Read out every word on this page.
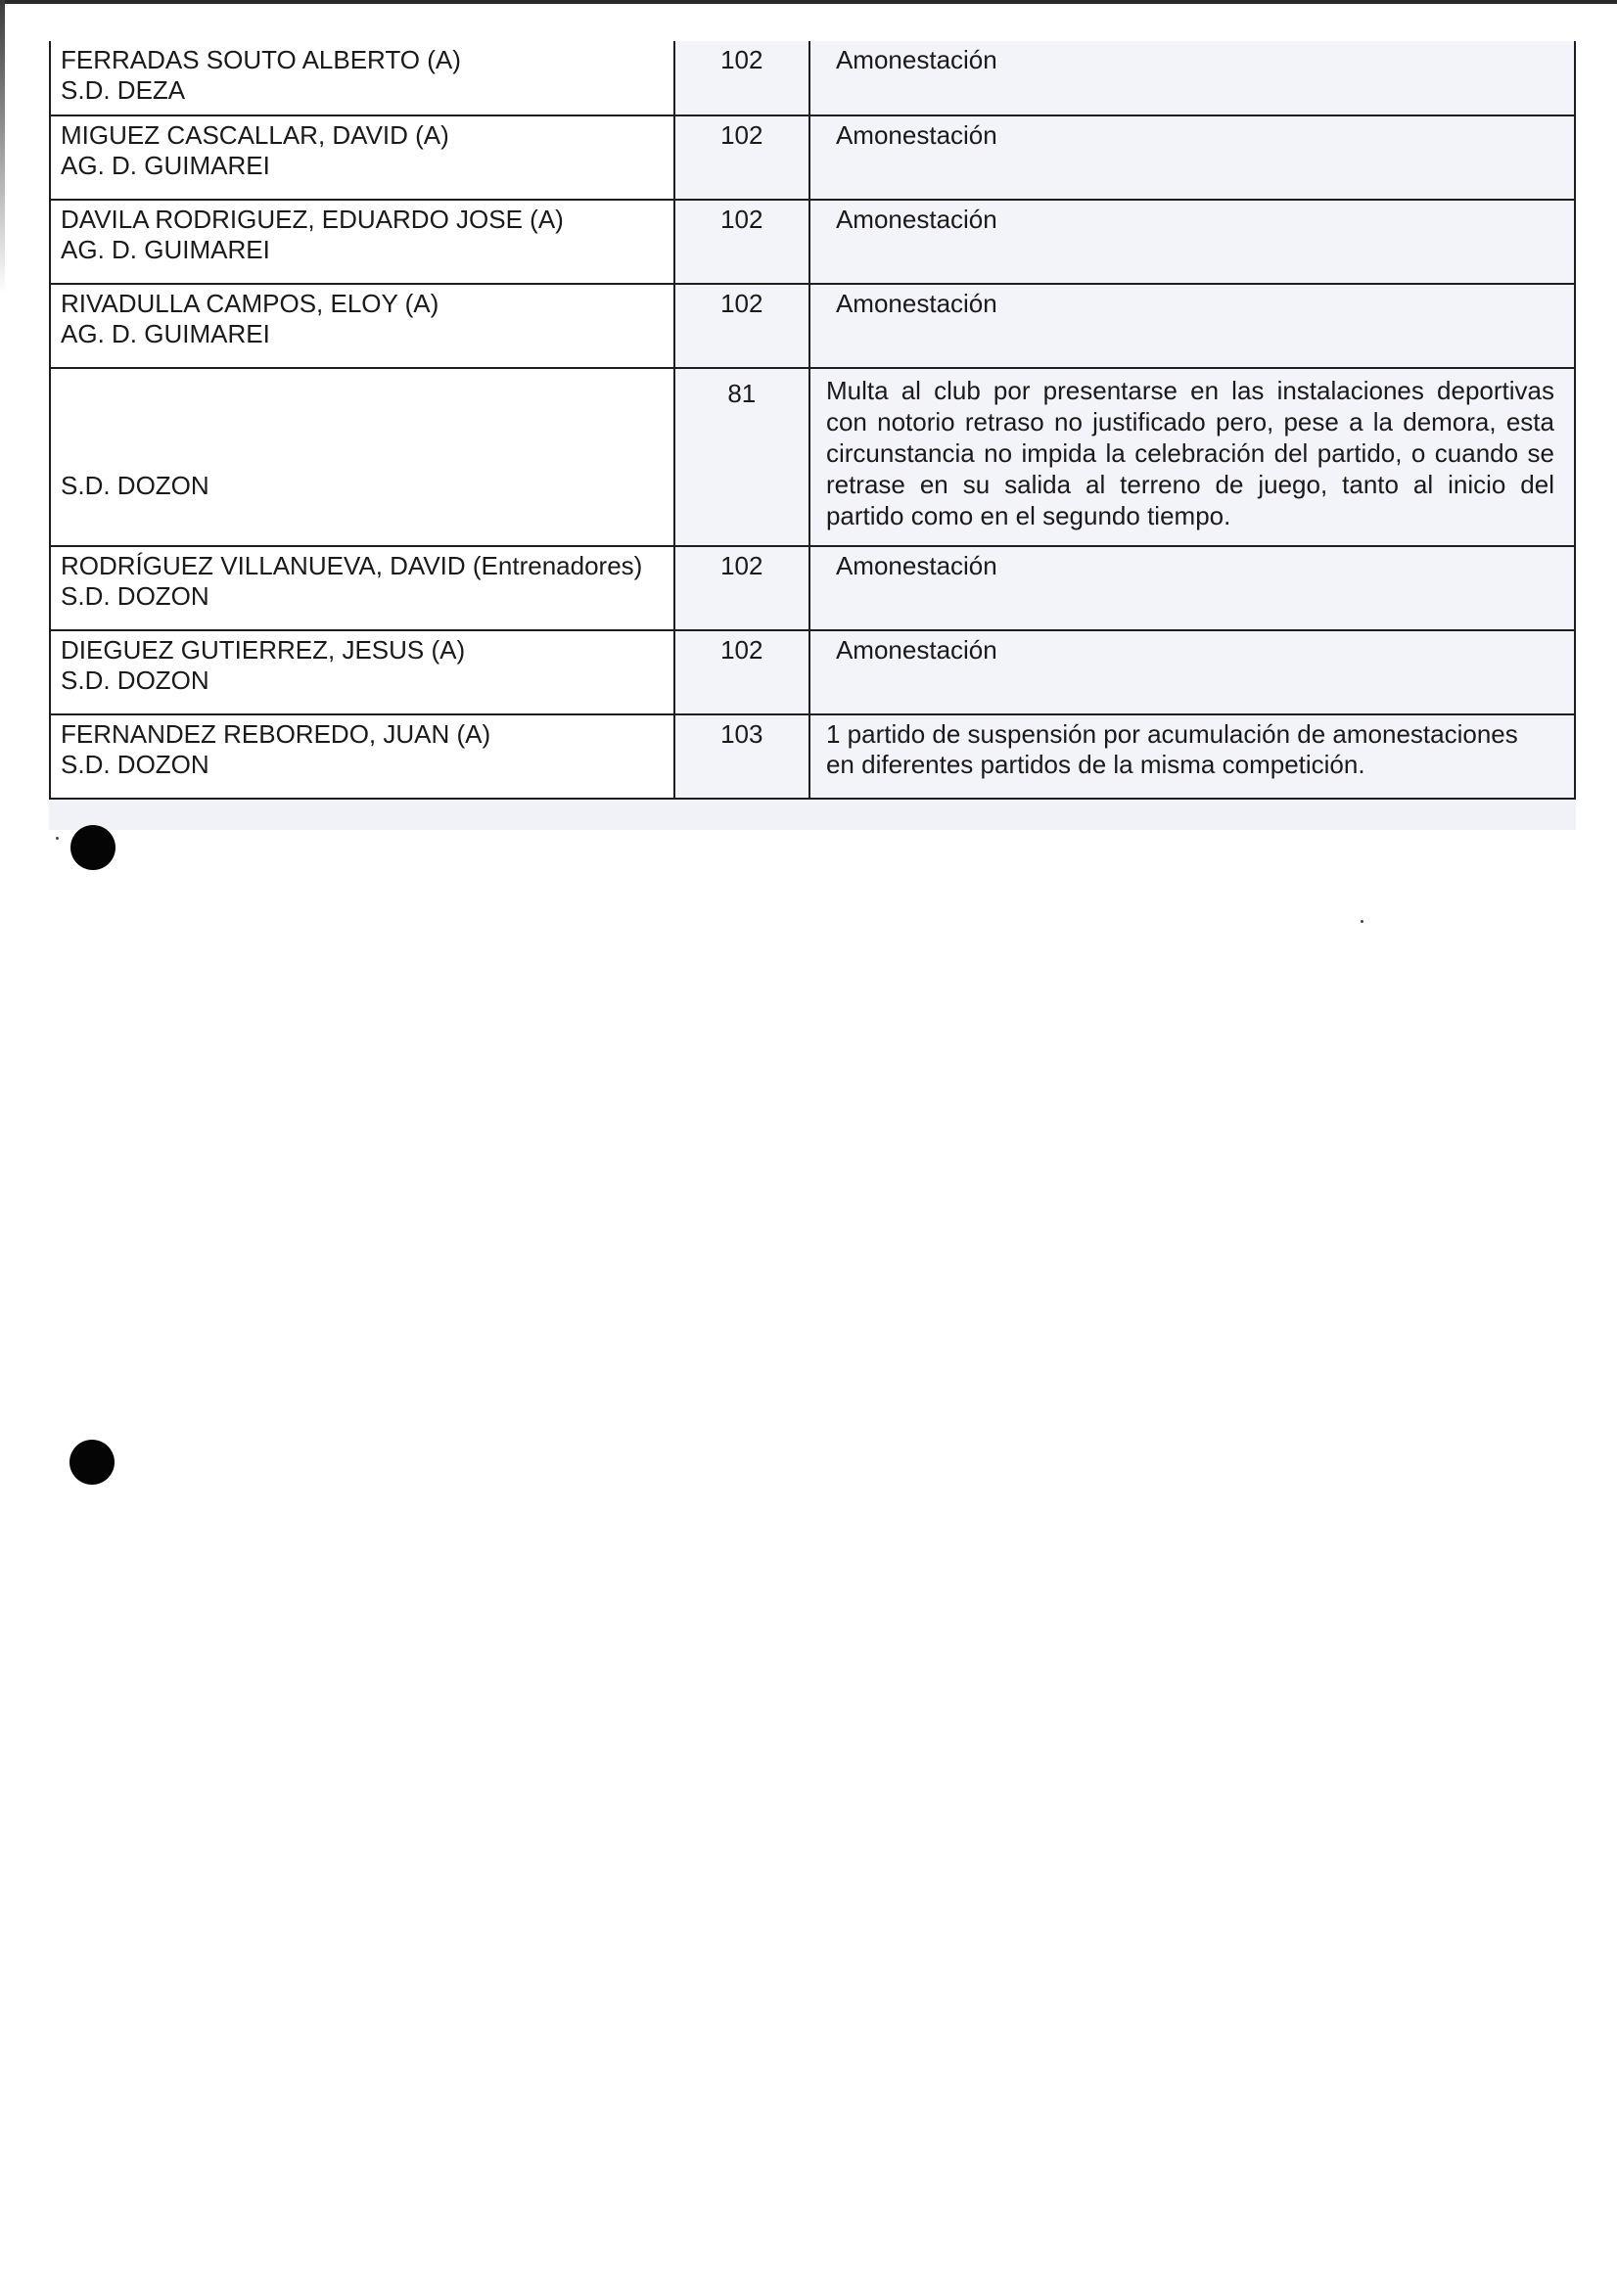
FERRADAS SOUTO ALBERTO (A)
S.D. DEZA	102	Amonestación

MIGUEZ CASCALLAR, DAVID (A)
AG. D. GUIMAREI	102	Amonestación

DAVILA RODRIGUEZ, EDUARDO JOSE (A)
AG. D. GUIMAREI	102	Amonestación

RIVADULLA CAMPOS, ELOY (A)
AG. D. GUIMAREI	102	Amonestación

S.D. DOZON	81	Multa al club por presentarse en las instalaciones deportivas con notorio retraso no justificado pero, pese a la demora, esta circunstancia no impida la celebración del partido, o cuando se retrase en su salida al terreno de juego, tanto al inicio del partido como en el segundo tiempo.

RODRÍGUEZ VILLANUEVA, DAVID (Entrenadores)
S.D. DOZON	102	Amonestación

DIEGUEZ GUTIERREZ, JESUS (A)
S.D. DOZON	102	Amonestación

FERNANDEZ REBOREDO, JUAN (A)
S.D. DOZON	103	1 partido de suspensión por acumulación de amonestaciones en diferentes partidos de la misma competición.
